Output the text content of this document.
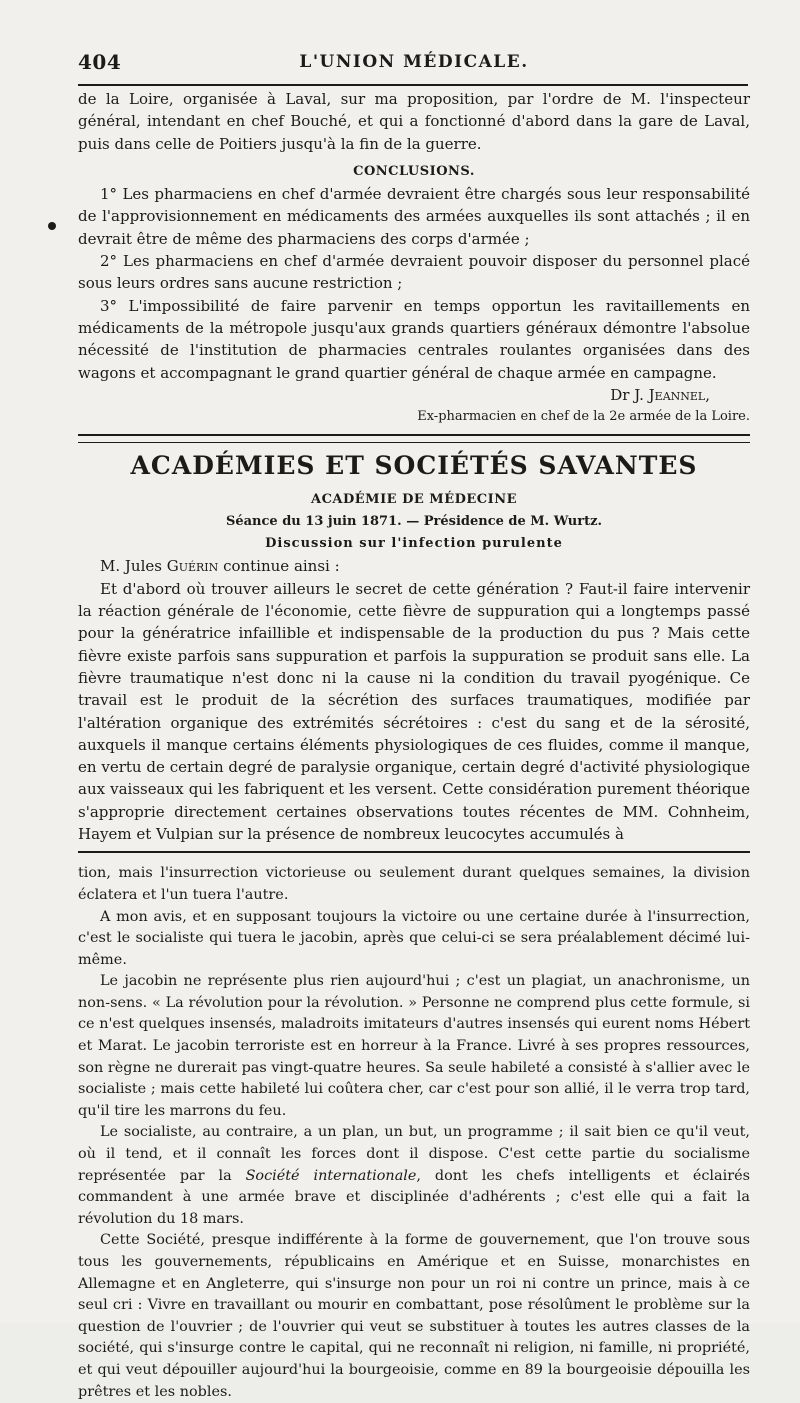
404	L'UNION MÉDICALE.

de la Loire, organisée à Laval, sur ma proposition, par l'ordre de M. l'inspecteur général, intendant en chef Bouché, et qui a fonctionné d'abord dans la gare de Laval, puis dans celle de Poitiers jusqu'à la fin de la guerre.

CONCLUSIONS.

1° Les pharmaciens en chef d'armée devraient être chargés sous leur responsabilité de l'approvisionnement en médicaments des armées auxquelles ils sont attachés ; il en devrait être de même des pharmaciens des corps d'armée ;

2° Les pharmaciens en chef d'armée devraient pouvoir disposer du personnel placé sous leurs ordres sans aucune restriction ;

3° L'impossibilité de faire parvenir en temps opportun les ravitaillements en médicaments de la métropole jusqu'aux grands quartiers généraux démontre l'absolue nécessité de l'institution de pharmacies centrales roulantes organisées dans des wagons et accompagnant le grand quartier général de chaque armée en campagne.

Dr J. Jeannel,

Ex-pharmacien en chef de la 2e armée de la Loire.

ACADÉMIES ET SOCIÉTÉS SAVANTES

ACADÉMIE DE MÉDECINE

Séance du 13 juin 1871. — Présidence de M. Wurtz.

Discussion sur l'infection purulente

M. Jules Guérin continue ainsi :

Et d'abord où trouver ailleurs le secret de cette génération ? Faut-il faire intervenir la réaction générale de l'économie, cette fièvre de suppuration qui a longtemps passé pour la génératrice infaillible et indispensable de la production du pus ? Mais cette fièvre existe parfois sans suppuration et parfois la suppuration se produit sans elle. La fièvre traumatique n'est donc ni la cause ni la condition du travail pyogénique. Ce travail est le produit de la sécrétion des surfaces traumatiques, modifiée par l'altération organique des extrémités sécrétoires : c'est du sang et de la sérosité, auxquels il manque certains éléments physiologiques de ces fluides, comme il manque, en vertu de certain degré de paralysie organique, certain degré d'activité physiologique aux vaisseaux qui les fabriquent et les versent. Cette considération purement théorique s'approprie directement certaines observations toutes récentes de MM. Cohnheim, Hayem et Vulpian sur la présence de nombreux leucocytes accumulés à

tion, mais l'insurrection victorieuse ou seulement durant quelques semaines, la division éclatera et l'un tuera l'autre.

A mon avis, et en supposant toujours la victoire ou une certaine durée à l'insurrection, c'est le socialiste qui tuera le jacobin, après que celui-ci se sera préalablement décimé lui-même.

Le jacobin ne représente plus rien aujourd'hui ; c'est un plagiat, un anachronisme, un non-sens. « La révolution pour la révolution. » Personne ne comprend plus cette formule, si ce n'est quelques insensés, maladroits imitateurs d'autres insensés qui eurent noms Hébert et Marat. Le jacobin terroriste est en horreur à la France. Livré à ses propres ressources, son règne ne durerait pas vingt-quatre heures. Sa seule habileté a consisté à s'allier avec le socialiste ; mais cette habileté lui coûtera cher, car c'est pour son allié, il le verra trop tard, qu'il tire les marrons du feu.

Le socialiste, au contraire, a un plan, un but, un programme ; il sait bien ce qu'il veut, où il tend, et il connaît les forces dont il dispose. C'est cette partie du socialisme représentée par la Société internationale, dont les chefs intelligents et éclairés commandent à une armée brave et disciplinée d'adhérents ; c'est elle qui a fait la révolution du 18 mars.

Cette Société, presque indifférente à la forme de gouvernement, que l'on trouve sous tous les gouvernements, républicains en Amérique et en Suisse, monarchistes en Allemagne et en Angleterre, qui s'insurge non pour un roi ni contre un prince, mais à ce seul cri : Vivre en travaillant ou mourir en combattant, pose résolûment le problème sur la question de l'ouvrier ; de l'ouvrier qui veut se substituer à toutes les autres classes de la société, qui s'insurge contre le capital, qui ne reconnaît ni religion, ni famille, ni propriété, et qui veut dépouiller aujourd'hui la bourgeoisie, comme en 89 la bourgeoisie dépouilla les prêtres et les nobles.
